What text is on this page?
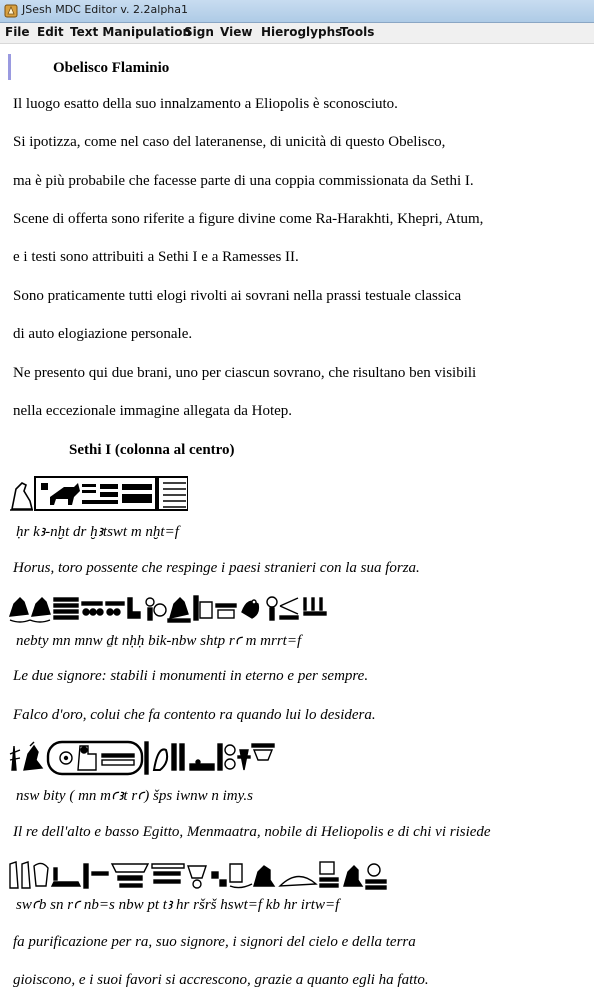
JSesh MDC Editor v. 2.2alpha1
File Edit Text Manipulation
Sign View Hieroglyphs
Tools
Obelisco Flaminio
Il luogo esatto della suo innalzamento a Eliopolis è sconosciuto.
Si ipotizza, come nel caso del lateranense, di unicità di questo Obelisco,
ma è più probabile che facesse parte di una coppia commissionata da Sethi I.
Scene di offerta sono riferite a figure divine come Ra-Harakhti, Khepri, Atum,
e i testi sono attribuiti a Sethi I e a Ramesses II.
Sono praticamente tutti elogi rivolti ai sovrani nella prassi testuale classica
di auto elogiazione personale.
Ne presento qui due brani, uno per ciascun sovrano, che risultano ben visibili
nella eccezionale immagine allegata da Hotep.
Sethi I (colonna al centro)
ḥr kꜣ-nḫt dr ḫꜣtswt m nḫt=f
Horus, toro possente che respinge i paesi stranieri con la sua forza.
nebty mn mnw ḏt nḥḥ bik-nbw shtp rꜥ m mrrt=f
Le due signore: stabili i monumenti in eterno e per sempre.
Falco d'oro, colui che fa contento ra quando lui lo desidera.
nsw bity ( mn mꜥꜣt rꜥ) šps iwnw n imy.s
Il re dell'alto e basso Egitto, Menmaatra, nobile di Heliopolis e di chi vi risiede
swꜥb sn rꜥ nb=s nbw pt tꜣ hr ršrš hswt=f kb hr irtw=f
fa purificazione per ra, suo signore, i signori del cielo e della terra
gioiscono, e i suoi favori si accrescono, grazie a quanto egli ha fatto.
